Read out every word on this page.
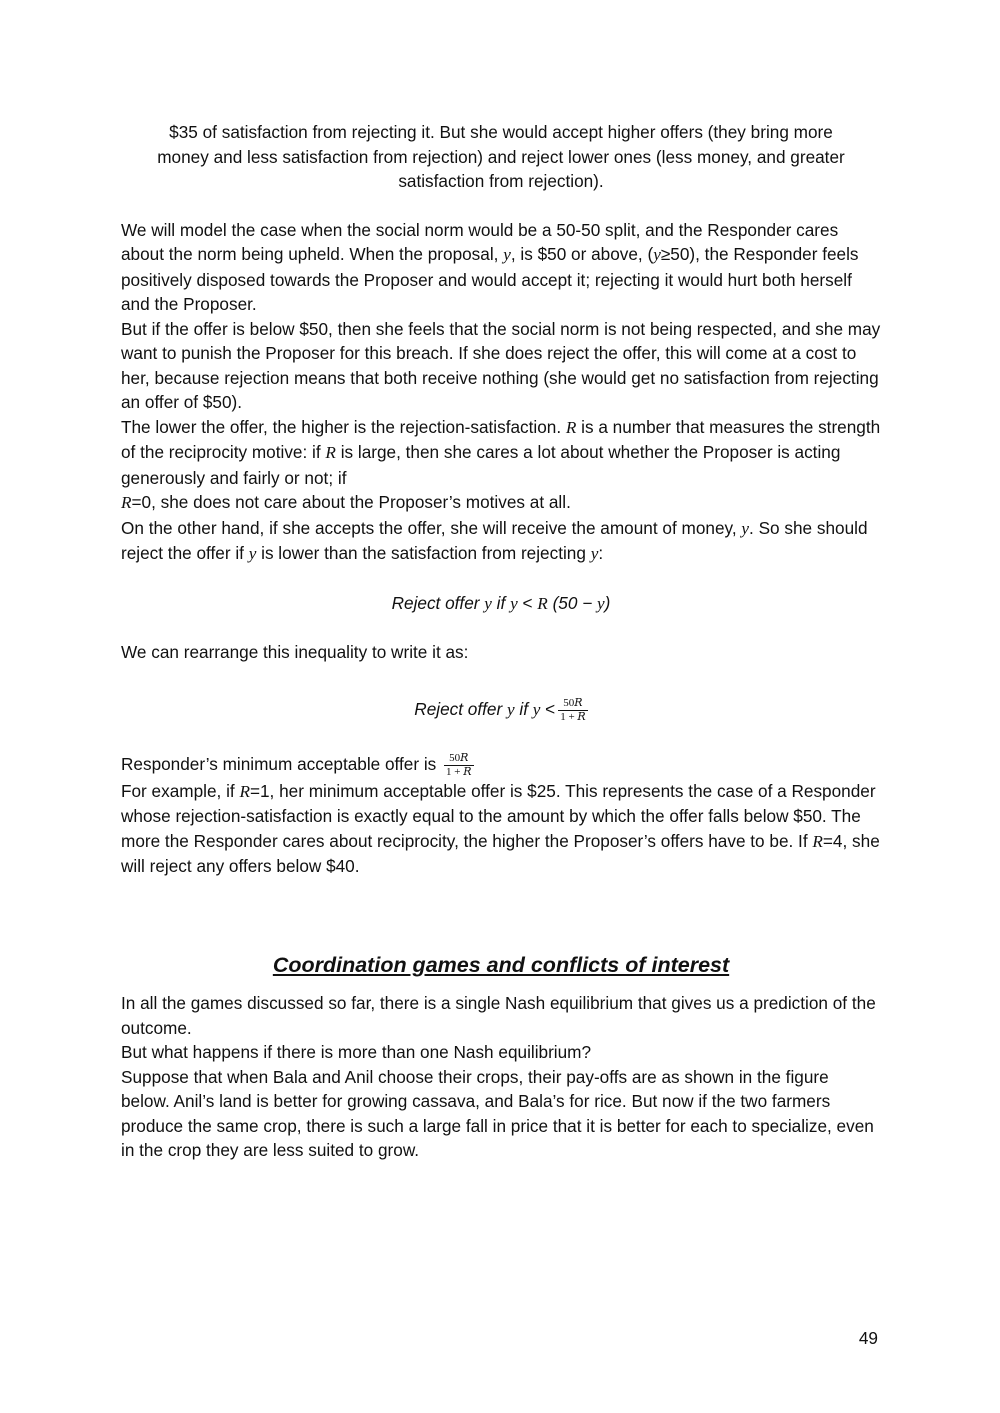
$35 of satisfaction from rejecting it. But she would accept higher offers (they bring more
money and less satisfaction from rejection) and reject lower ones (less money, and greater
satisfaction from rejection).

We will model the case when the social norm would be a 50-50 split, and the Responder cares about the norm being upheld. When the proposal, y, is $50 or above, (y≥50), the Responder feels positively disposed towards the Proposer and would accept it; rejecting it would hurt both herself and the Proposer.

But if the offer is below $50, then she feels that the social norm is not being respected, and she may want to punish the Proposer for this breach. If she does reject the offer, this will come at a cost to her, because rejection means that both receive nothing (she would get no satisfaction from rejecting an offer of $50).

The lower the offer, the higher is the rejection-satisfaction. R is a number that measures the strength of the reciprocity motive: if R is large, then she cares a lot about whether the Proposer is acting generously and fairly or not; if

R=0, she does not care about the Proposer’s motives at all.

On the other hand, if she accepts the offer, she will receive the amount of money, y. So she should reject the offer if y is lower than the satisfaction from rejecting y:

Reject offer y if y < R (50 − y)

We can rearrange this inequality to write it as:

Reject offer y if $y < \frac{\text{50𝑅}}{\text{1 + 𝑅}}$

Responder’s minimum acceptable offer is $\frac{\text{50𝑅}}{\text{1 + 𝑅}}$

For example, if R=1, her minimum acceptable offer is $25. This represents the case of a Responder whose rejection-satisfaction is exactly equal to the amount by which the offer falls below $50. The more the Responder cares about reciprocity, the higher the Proposer’s offers have to be. If R=4, she will reject any offers below $40.

Coordination games and conflicts of interest

In all the games discussed so far, there is a single Nash equilibrium that gives us a prediction of the outcome.

But what happens if there is more than one Nash equilibrium?

Suppose that when Bala and Anil choose their crops, their pay-offs are as shown in the figure below. Anil’s land is better for growing cassava, and Bala’s for rice. But now if the two farmers produce the same crop, there is such a large fall in price that it is better for each to specialize, even in the crop they are less suited to grow.

49
